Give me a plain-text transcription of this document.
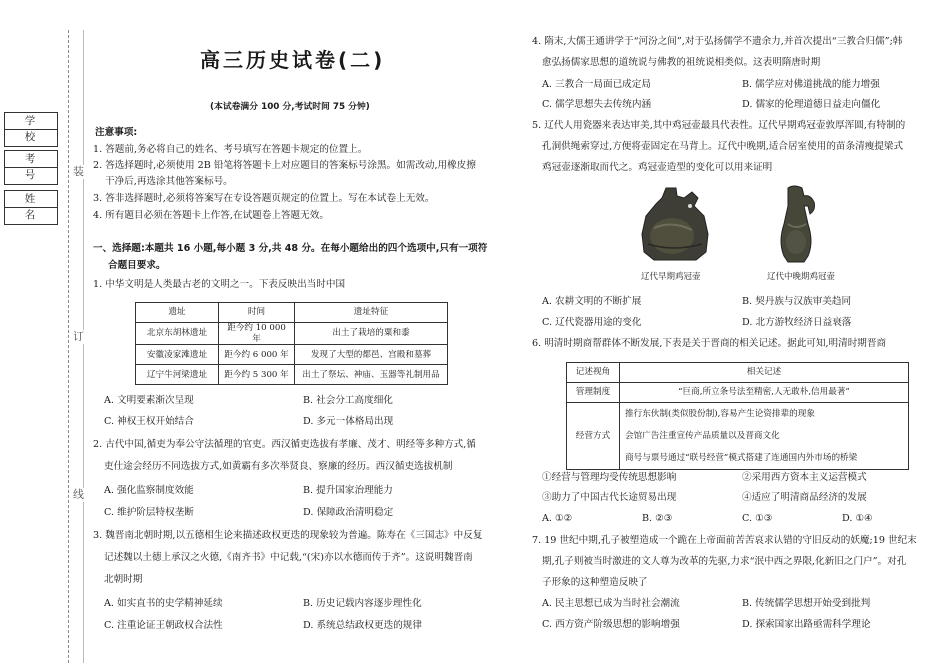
学 校
考 号
姓 名
装
订
线
高三历史试卷(二)
(本试卷满分 100 分,考试时间 75 分钟)
注意事项:
1. 答题前,务必将自己的姓名、考号填写在答题卡规定的位置上。
2. 答选择题时,必须使用 2B 铅笔将答题卡上对应题目的答案标号涂黑。如需改动,用橡皮擦
干净后,再选涂其他答案标号。
3. 答非选择题时,必须将答案写在专设答题页规定的位置上。写在本试卷上无效。
4. 所有题目必须在答题卡上作答,在试题卷上答题无效。
一、选择题:本题共 16 小题,每小题 3 分,共 48 分。在每小题给出的四个选项中,只有一项符
合题目要求。
1. 中华文明是人类最古老的文明之一。下表反映出当时中国
遗址	时间	遗址特征
北京东胡林遗址	距今约 10 000 年	出土了栽培的粟和黍
安徽凌家滩遗址	距今约 6 000 年	发现了大型的都邑、宫殿和墓葬
辽宁牛河梁遗址	距今约 5 300 年	出土了祭坛、神庙、玉器等礼制用品
A. 文明要素渐次呈现	B. 社会分工高度细化
C. 神权王权开始结合	D. 多元一体格局出现
2. 古代中国,循吏为奉公守法循理的官吏。西汉循吏选拔有孝廉、茂才、明经等多种方式,循
吏仕途会经历不同选拔方式,如黄霸有多次举贤良、察廉的经历。西汉循吏选拔机制
A. 强化监察制度效能	B. 提升国家治理能力
C. 维护阶层特权垄断	D. 保障政治清明稳定
3. 魏晋南北朝时期,以五德相生论来描述政权更迭的现象较为普遍。陈寿在《三国志》中反复
记述魏以土德上承汉之火德,《南齐书》中记载,“(宋)亦以水德而传于齐”。这说明魏晋南
北朝时期
A. 如实直书的史学精神延续	B. 历史记载内容逐步理性化
C. 注重论证王朝政权合法性	D. 系统总结政权更迭的规律
4. 隋末,大儒王通讲学于“河汾之间”,对于弘扬儒学不遗余力,并首次提出“三教合归儒”;韩
愈弘扬儒家思想的道统说与佛教的祖统说相类似。这表明隋唐时期
A. 三教合一局面已成定局	B. 儒学应对佛道挑战的能力增强
C. 儒学思想失去传统内涵	D. 儒家的伦理道德日益走向僵化
5. 辽代人用瓷器来表达审美,其中鸡冠壶最具代表性。辽代早期鸡冠壶敦厚浑圆,有特制的
孔洞供绳索穿过,方便将壶固定在马背上。辽代中晚期,适合居室使用的苗条清瘦提梁式
鸡冠壶逐渐取而代之。鸡冠壶造型的变化可以用来证明
辽代早期鸡冠壶	辽代中晚期鸡冠壶
A. 农耕文明的不断扩展	B. 契丹族与汉族审美趋同
C. 辽代瓷器用途的变化	D. 北方游牧经济日益衰落
6. 明清时期商帮群体不断发展,下表是关于晋商的相关记述。据此可知,明清时期晋商
记述视角	相关记述
管理制度	“巨商,所立条号法至精密,人无敢朴,信用最著”
经营方式	推行东伙制(类似股份制),容易产生论资排辈的现象
会馆广告注重宣传产品质量以及晋商文化
商号与票号通过“联号经营”模式搭建了连通国内外市场的桥梁
①经营与管理均受传统思想影响	②采用西方资本主义运营模式
③助力了中国古代长途贸易出现	④适应了明清商品经济的发展
A. ①②	B. ②③	C. ①③	D. ①④
7. 19 世纪中期,孔子被塑造成一个跪在上帝面前苦苦哀求认错的守旧反动的妖魔;19 世纪末
期,孔子则被当时激进的文人尊为改革的先驱,力求“泯中西之界限,化新旧之门户”。对孔
子形象的这种塑造反映了
A. 民主思想已成为当时社会潮流	B. 传统儒学思想开始受到批判
C. 西方资产阶级思想的影响增强	D. 探索国家出路亟需科学理论
